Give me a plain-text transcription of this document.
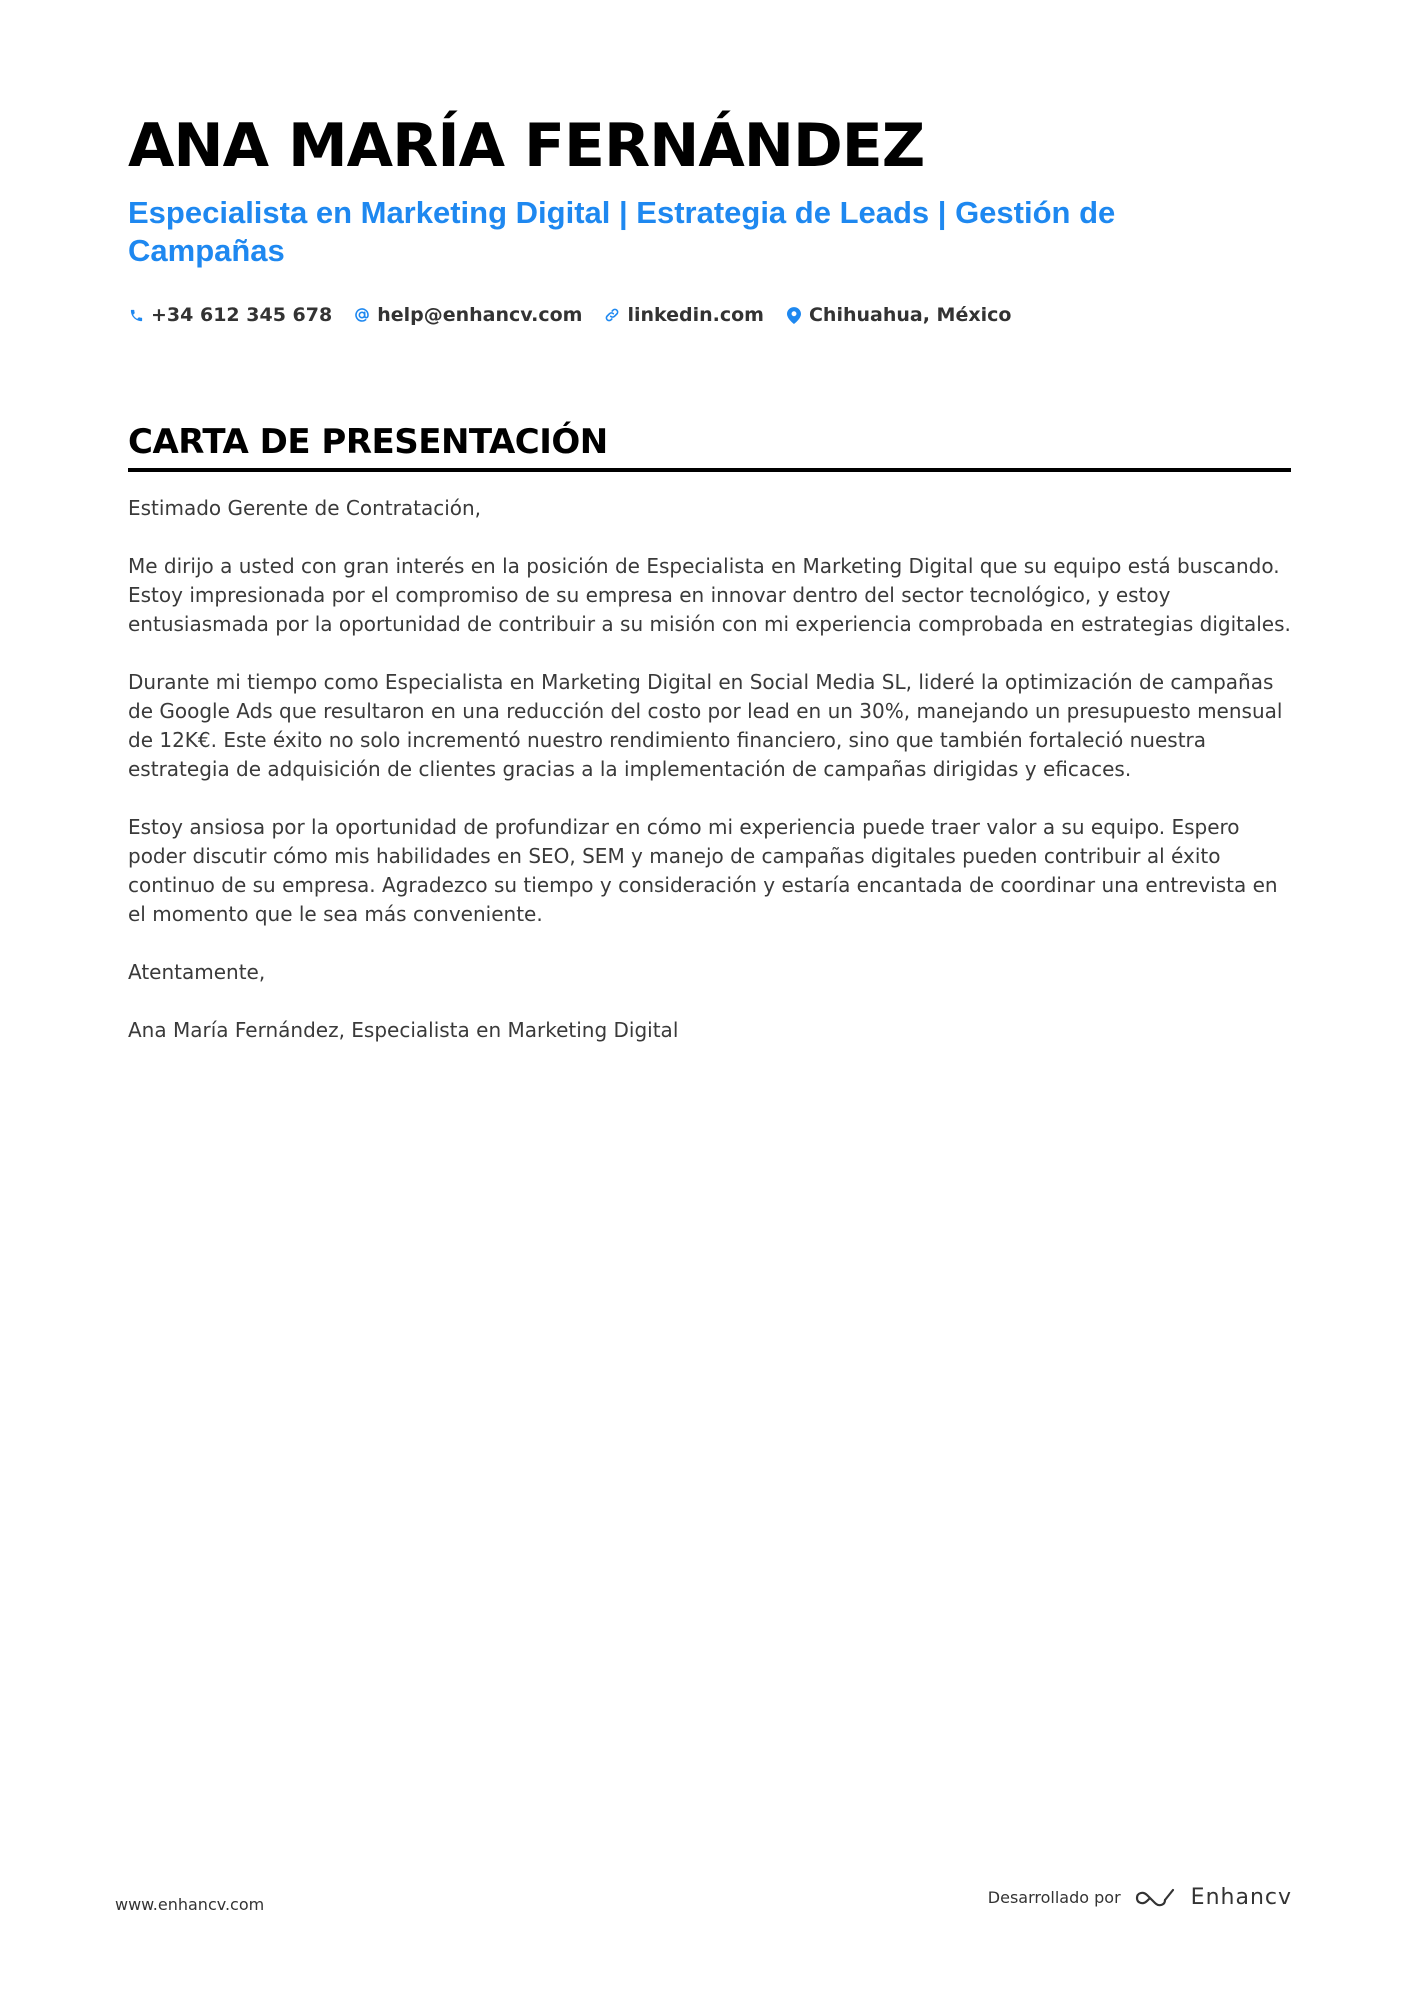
ANA MARÍA FERNÁNDEZ
Especialista en Marketing Digital | Estrategia de Leads | Gestión de Campañas
+34 612 345 678 help@enhancv.com linkedin.com Chihuahua, México
CARTA DE PRESENTACIÓN

Estimado Gerente de Contratación,

Me dirijo a usted con gran interés en la posición de Especialista en Marketing Digital que su equipo está buscando. Estoy impresionada por el compromiso de su empresa en innovar dentro del sector tecnológico, y estoy entusiasmada por la oportunidad de contribuir a su misión con mi experiencia comprobada en estrategias digitales.

Durante mi tiempo como Especialista en Marketing Digital en Social Media SL, lideré la optimización de campañas de Google Ads que resultaron en una reducción del costo por lead en un 30%, manejando un presupuesto mensual de 12K€. Este éxito no solo incrementó nuestro rendimiento financiero, sino que también fortaleció nuestra estrategia de adquisición de clientes gracias a la implementación de campañas dirigidas y eficaces.

Estoy ansiosa por la oportunidad de profundizar en cómo mi experiencia puede traer valor a su equipo. Espero poder discutir cómo mis habilidades en SEO, SEM y manejo de campañas digitales pueden contribuir al éxito continuo de su empresa. Agradezco su tiempo y consideración y estaría encantada de coordinar una entrevista en el momento que le sea más conveniente.

Atentamente,

Ana María Fernández, Especialista en Marketing Digital

www.enhancv.com	Desarrollado por	Enhancv
